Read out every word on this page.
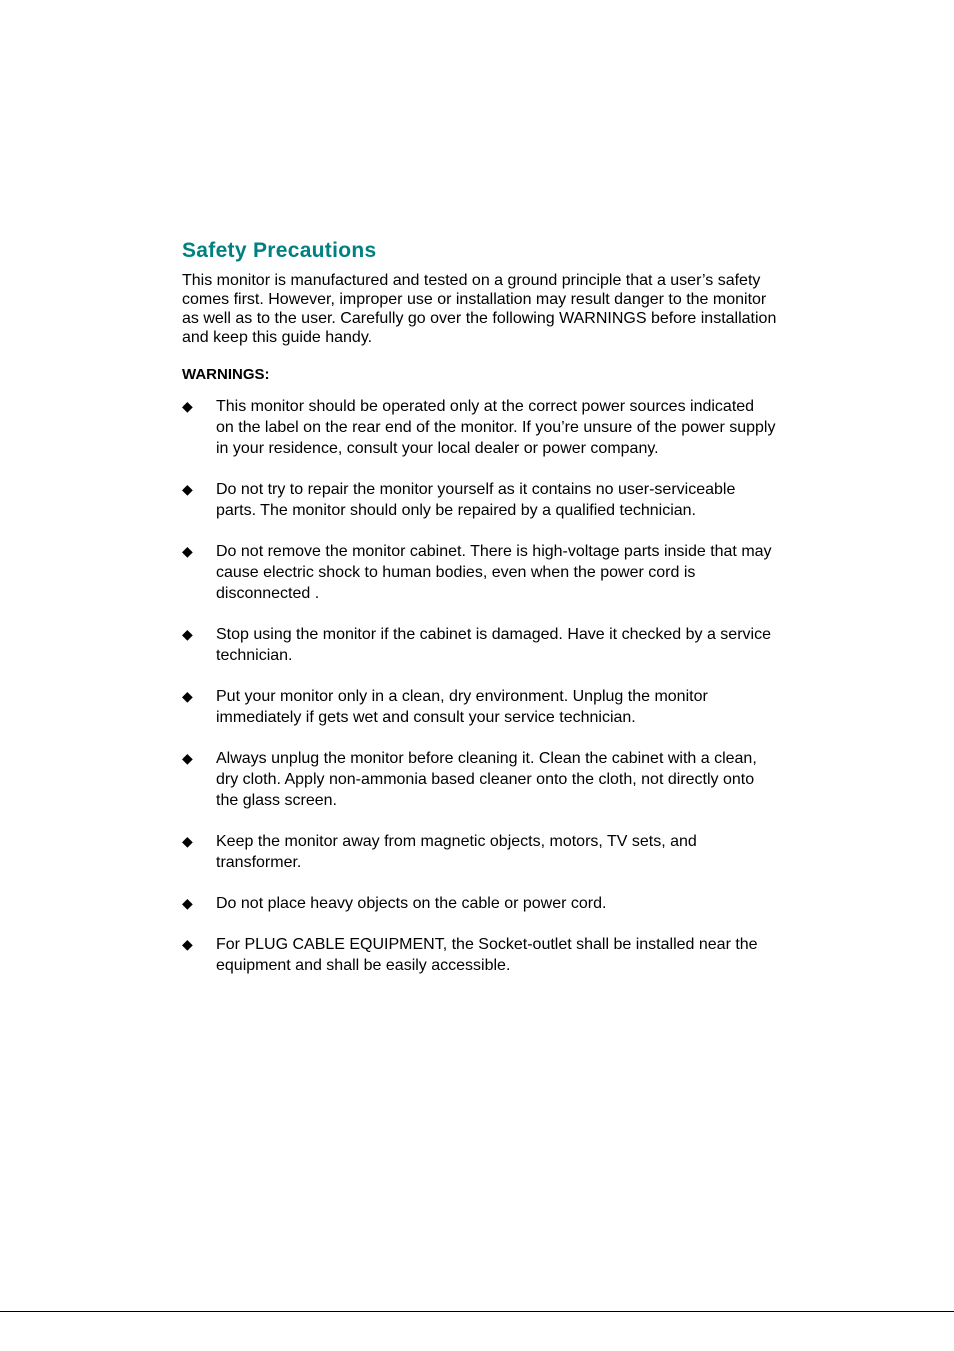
Safety Precautions

This monitor is manufactured and tested on a ground principle that a user’s safety comes first. However, improper use or installation may result danger to the monitor as well as to the user. Carefully go over the following WARNINGS before installation and keep this guide handy.

WARNINGS:

◆	This monitor should be operated only at the correct power sources indicated on the label on the rear end of the monitor. If you’re unsure of the power supply in your residence, consult your local dealer or power company.
◆	Do not try to repair the monitor yourself as it contains no user-serviceable parts. The monitor should only be repaired by a qualified technician.
◆	Do not remove the monitor cabinet. There is high-voltage parts inside that may cause electric shock to human bodies, even when the power cord is disconnected .
◆	Stop using the monitor if the cabinet is damaged. Have it checked by a service technician.
◆	Put your monitor only in a clean, dry environment. Unplug the monitor immediately if gets wet and consult your service technician.
◆	Always unplug the monitor before cleaning it. Clean the cabinet with a clean, dry cloth. Apply non-ammonia based cleaner onto the cloth, not directly onto the glass screen.
◆	Keep the monitor away from magnetic objects, motors, TV sets, and transformer.
◆	Do not place heavy objects on the cable or power cord.
◆	For PLUG CABLE EQUIPMENT, the Socket-outlet shall be installed near the equipment and shall be easily accessible.
